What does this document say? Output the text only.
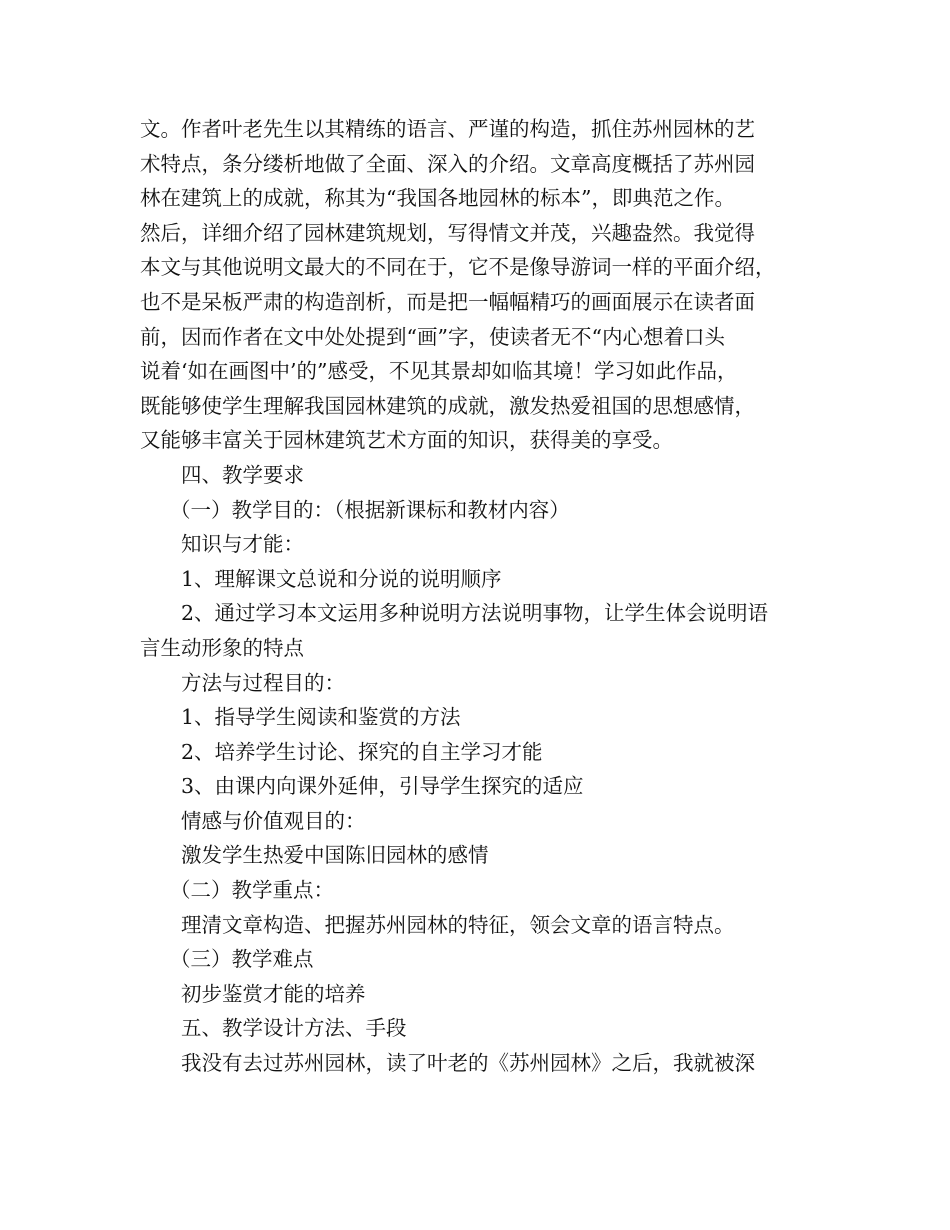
文。作者叶老先生以其精练的语言、严谨的构造，抓住苏州园林的艺
术特点，条分缕析地做了全面、深入的介绍。文章高度概括了苏州园
林在建筑上的成就，称其为“我国各地园林的标本”，即典范之作。
然后，详细介绍了园林建筑规划，写得情文并茂，兴趣盎然。我觉得
本文与其他说明文最大的不同在于，它不是像导游词一样的平面介绍，
也不是呆板严肃的构造剖析，而是把一幅幅精巧的画面展示在读者面
前，因而作者在文中处处提到“画”字，使读者无不“内心想着口头
说着‘如在画图中’的”感受，不见其景却如临其境！学习如此作品，
既能够使学生理解我国园林建筑的成就，激发热爱祖国的思想感情，
又能够丰富关于园林建筑艺术方面的知识，获得美的享受。
四、教学要求
（一）教学目的：（根据新课标和教材内容）
知识与才能：
1、理解课文总说和分说的说明顺序
2、通过学习本文运用多种说明方法说明事物，让学生体会说明语
言生动形象的特点
方法与过程目的：
1、指导学生阅读和鉴赏的方法
2、培养学生讨论、探究的自主学习才能
3、由课内向课外延伸，引导学生探究的适应
情感与价值观目的：
激发学生热爱中国陈旧园林的感情
（二）教学重点：
理清文章构造、把握苏州园林的特征，领会文章的语言特点。
（三）教学难点
初步鉴赏才能的培养
五、教学设计方法、手段
我没有去过苏州园林，读了叶老的《苏州园林》之后，我就被深
